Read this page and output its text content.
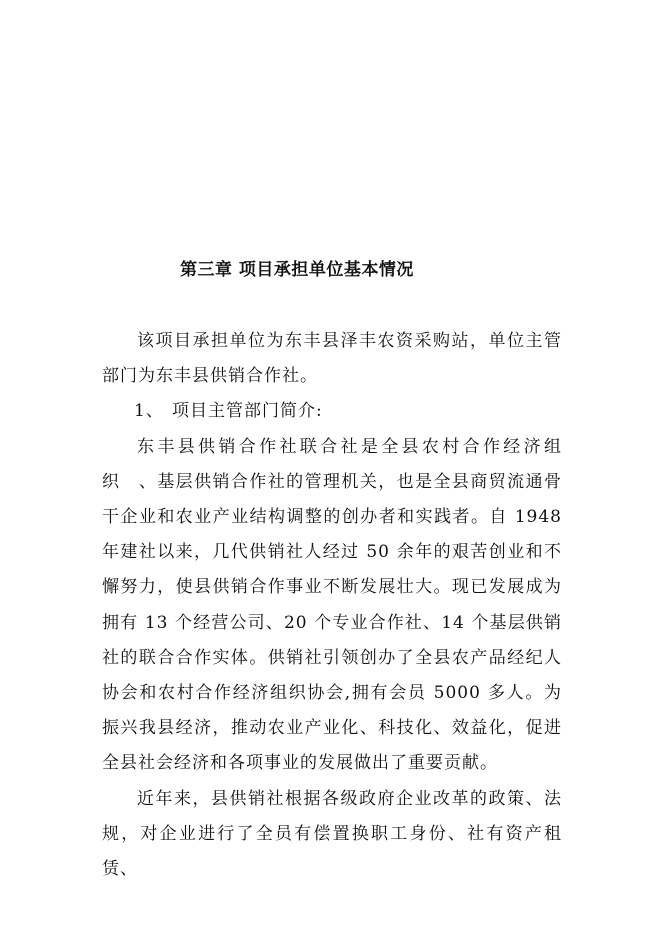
第三章 项目承担单位基本情况

该项目承担单位为东丰县泽丰农资采购站，单位主管部门为东丰县供销合作社。

1、 项目主管部门简介:

东丰县供销合作社联合社是全县农村合作经济组织　、基层供销合作社的管理机关，也是全县商贸流通骨干企业和农业产业结构调整的创办者和实践者。自 1948 年建社以来，几代供销社人经过 50 余年的艰苦创业和不懈努力，使县供销合作事业不断发展壮大。现已发展成为拥有 13 个经营公司、20 个专业合作社、14 个基层供销社的联合合作实体。供销社引领创办了全县农产品经纪人协会和农村合作经济组织协会,拥有会员 5000 多人。为振兴我县经济，推动农业产业化、科技化、效益化，促进全县社会经济和各项事业的发展做出了重要贡献。

近年来，县供销社根据各级政府企业改革的政策、法规，对企业进行了全员有偿置换职工身份、社有资产租赁、
